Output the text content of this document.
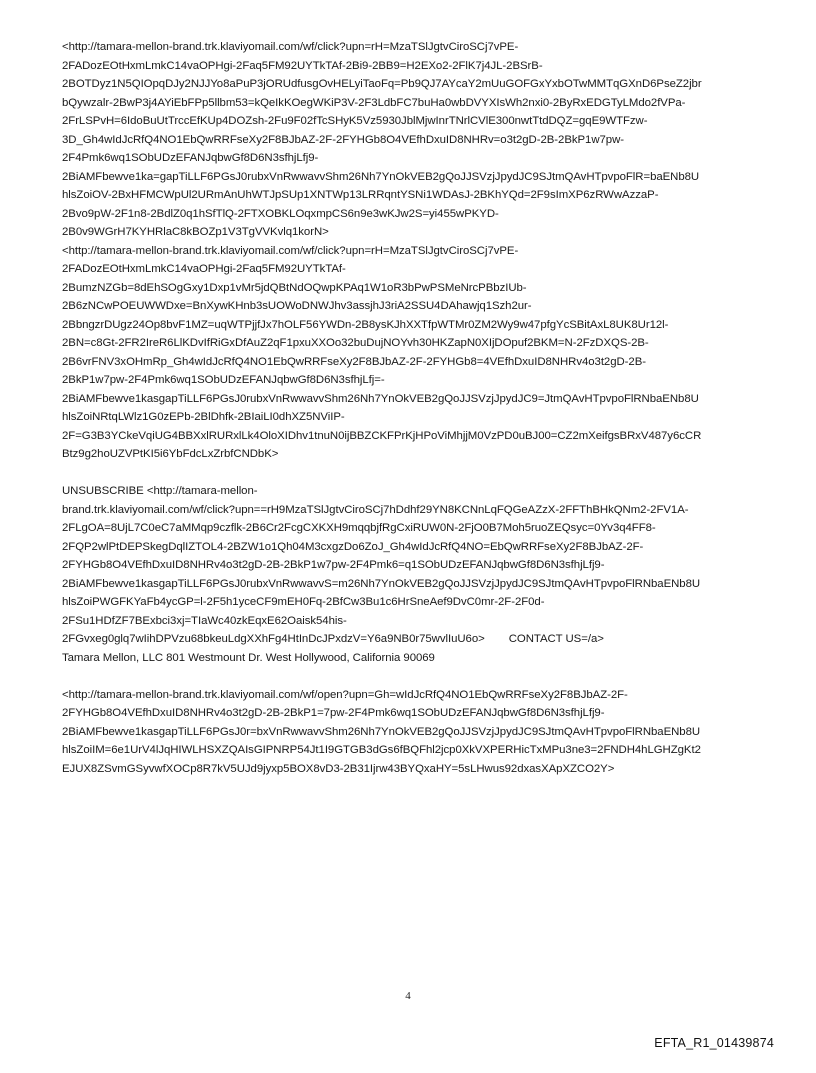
<http://tamara-mellon-brand.trk.klaviyomail.com/wf/click?upn=rH=MzaTSlJgtvCiroSCj7vPE-

2FADozEOtHxmLmkC14vaOPHgi-2Faq5FM92UYTkTAf-2Bi9-2BB9=H2EXo2-2FlK7j4JL-2BSrB-

2BOTDyz1N5QIOpqDJy2NJJYo8aPuP3jORUdfusgOvHELyiTaoFq=Pb9QJ7AYcaY2mUuGOFGxYxbOTwMMTqGXnD6PseZ2jbr

bQywzalr-2BwP3j4AYiEbFPp5llbm53=kQeIkKOegWKiP3V-2F3LdbFC7buHa0wbDVYXIsWh2nxi0-2ByRxEDGTyLMdo2fVPa-

2FrLSPvH=6IdoBuUtTrccEfKUp4DOZsh-2Fu9F02fTcSHyK5Vz5930JblMjwInrTNrlCVlE300nwtTtdDQZ=gqE9WTFzw-

3D_Gh4wIdJcRfQ4NO1EbQwRRFseXy2F8BJbAZ-2F-2FYHGb8O4VEfhDxuID8NHRv=o3t2gD-2B-2BkP1w7pw-

2F4Pmk6wq1SObUDzEFANJqbwGf8D6N3sfhjLfj9-

2BiAMFbewve1ka=gapTiLLF6PGsJ0rubxVnRwwavvShm26Nh7YnOkVEB2gQoJJSVzjJpydJC9SJtmQAvHTpvpoFlR=baENb8U

hlsZoiOV-2BxHFMCWpUl2URmAnUhWTJpSUp1XNTWp13LRRqntYSNi1WDAsJ-2BKhYQd=2F9sImXP6zRWwAzzaP-

2Bvo9pW-2F1n8-2BdlZ0q1hSfTlQ-2FTXOBKLOqxmpCS6n9e3wKJw2S=yi455wPKYD-

2B0v9WGrH7KYHRlaC8kBOZp1V3TgVVKvlq1korN>

<http://tamara-mellon-brand.trk.klaviyomail.com/wf/click?upn=rH=MzaTSlJgtvCiroSCj7vPE-

2FADozEOtHxmLmkC14vaOPHgi-2Faq5FM92UYTkTAf-

2BumzNZGb=8dEhSOgGxy1Dxp1vMr5jdQBtNdOQwpKPAq1W1oR3bPwPSMeNrcPBbzIUb-

2B6zNCwPOEUWWDxe=BnXywKHnb3sUOWoDNWJhv3assjhJ3riA2SSU4DAhawjq1Szh2ur-

2BbngzrDUgz24Op8bvF1MZ=uqWTPjjfJx7hOLF56YWDn-2B8ysKJhXXTfpWTMr0ZM2Wy9w47pfgYcSBitAxL8UK8Ur12l-

2BN=c8Gt-2FR2IreR6LlKDvIfRiGxDfAuZ2qF1pxuXXOo32buDujNOYvh30HKZapN0XIjDOpuf2BKM=N-2FzDXQS-2B-

2B6vrFNV3xOHmRp_Gh4wIdJcRfQ4NO1EbQwRRFseXy2F8BJbAZ-2F-2FYHGb8=4VEfhDxuID8NHRv4o3t2gD-2B-

2BkP1w7pw-2F4Pmk6wq1SObUDzEFANJqbwGf8D6N3sfhjLfj=-

2BiAMFbewve1kasgapTiLLF6PGsJ0rubxVnRwwavvShm26Nh7YnOkVEB2gQoJJSVzjJpydJC9=JtmQAvHTpvpoFlRNbaENb8U

hlsZoiNRtqLWlz1G0zEPb-2BlDhfk-2BIaiLI0dhXZ5NViIP-

2F=G3B3YCkeVqiUG4BBXxlRURxlLk4OloXIDhv1tnuN0ijBBZCKFPrKjHPoViMhjjM0VzPD0uBJ00=CZ2mXeifgsBRxV487y6cCR

Btz9g2hoUZVPtKI5i6YbFdcLxZrbfCNDbK>

UNSUBSCRIBE <http://tamara-mellon-

brand.trk.klaviyomail.com/wf/click?upn==rH9MzaTSlJgtvCiroSCj7hDdhf29YN8KCNnLqFQGeAZzX-2FFThBHkQNm2-2FV1A-

2FLgOA=8UjL7C0eC7aMMqp9czflk-2B6Cr2FcgCXKXH9mqqbjfRgCxiRUW0N-2FjO0B7Moh5ruoZEQsyc=0Yv3q4FF8-

2FQP2wlPtDEPSkegDqlIZTOL4-2BZW1o1Qh04M3cxgzDo6ZoJ_Gh4wIdJcRfQ4NO=EbQwRRFseXy2F8BJbAZ-2F-

2FYHGb8O4VEfhDxuID8NHRv4o3t2gD-2B-2BkP1w7pw-2F4Pmk6=q1SObUDzEFANJqbwGf8D6N3sfhjLfj9-

2BiAMFbewve1kasgapTiLLF6PGsJ0rubxVnRwwavvS=m26Nh7YnOkVEB2gQoJJSVzjJpydJC9SJtmQAvHTpvpoFlRNbaENb8U

hlsZoiPWGFKYaFb4ycGP=l-2F5h1yceCF9mEH0Fq-2BfCw3Bu1c6HrSneAef9DvC0mr-2F-2F0d-

2FSu1HDfZF7BExbci3xj=TIaWc40zkEqxE62Oaisk54his-

2FGvxeg0glq7wIihDPVzu68bkeuLdgXXhFg4HtInDcJPxdzV=Y6a9NB0r75wvlIuU6o> CONTACT US=/a>

Tamara Mellon, LLC 801 Westmount Dr. West Hollywood, California 90069

<http://tamara-mellon-brand.trk.klaviyomail.com/wf/open?upn=Gh=wIdJcRfQ4NO1EbQwRRFseXy2F8BJbAZ-2F-

2FYHGb8O4VEfhDxuID8NHRv4o3t2gD-2B-2BkP1=7pw-2F4Pmk6wq1SObUDzEFANJqbwGf8D6N3sfhjLfj9-

2BiAMFbewve1kasgapTiLLF6PGsJ0r=bxVnRwwavvShm26Nh7YnOkVEB2gQoJJSVzjJpydJC9SJtmQAvHTpvpoFlRNbaENb8U

hlsZoiIM=6e1UrV4lJqHIWLHSXZQAIsGIPNRP54Jt1I9GTGB3dGs6fBQFhl2jcp0XkVXPERHicTxMPu3ne3=2FNDH4hLGHZgKt2

EJUX8ZSvmGSyvwfXOCp8R7kV5UJd9jyxp5BOX8vD3-2B31Ijrw43BYQxaHY=5sLHwus92dxasXApXZCO2Y>

4
EFTA_R1_01439874
